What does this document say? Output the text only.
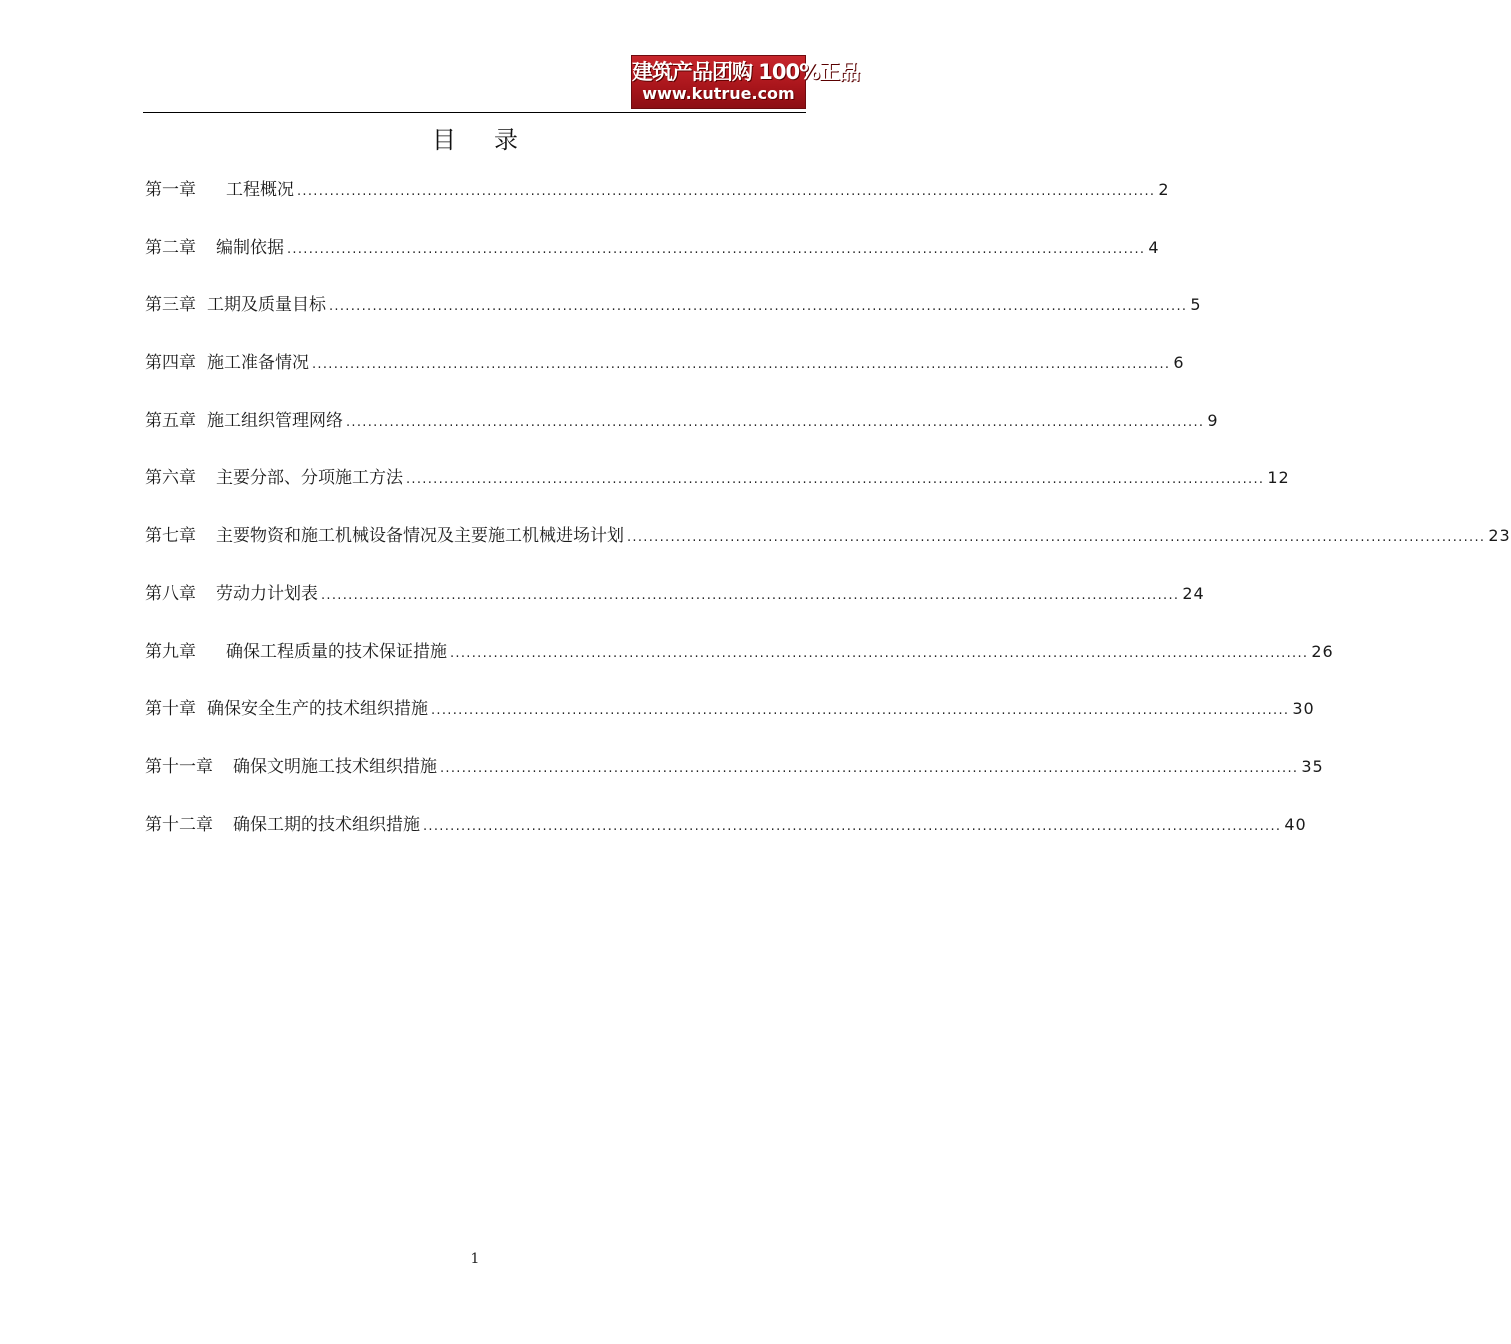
建筑产品团购 100%正品
www.kutrue.com
目录
第一章 工程概况 .....	2
第二章 编制依据 .....	4
第三章 工期及质量目标 .....	5
第四章 施工准备情况 .....	6
第五章 施工组织管理网络 .....	9
第六章 主要分部、分项施工方法 .....	12
第七章 主要物资和施工机械设备情况及主要施工机械进场计划 .....	23
第八章 劳动力计划表 .....	24
第九章 确保工程质量的技术保证措施 .....	26
第十章 确保安全生产的技术组织措施 .....	30
第十一章 确保文明施工技术组织措施 .....	35
第十二章 确保工期的技术组织措施 .....	40
1
